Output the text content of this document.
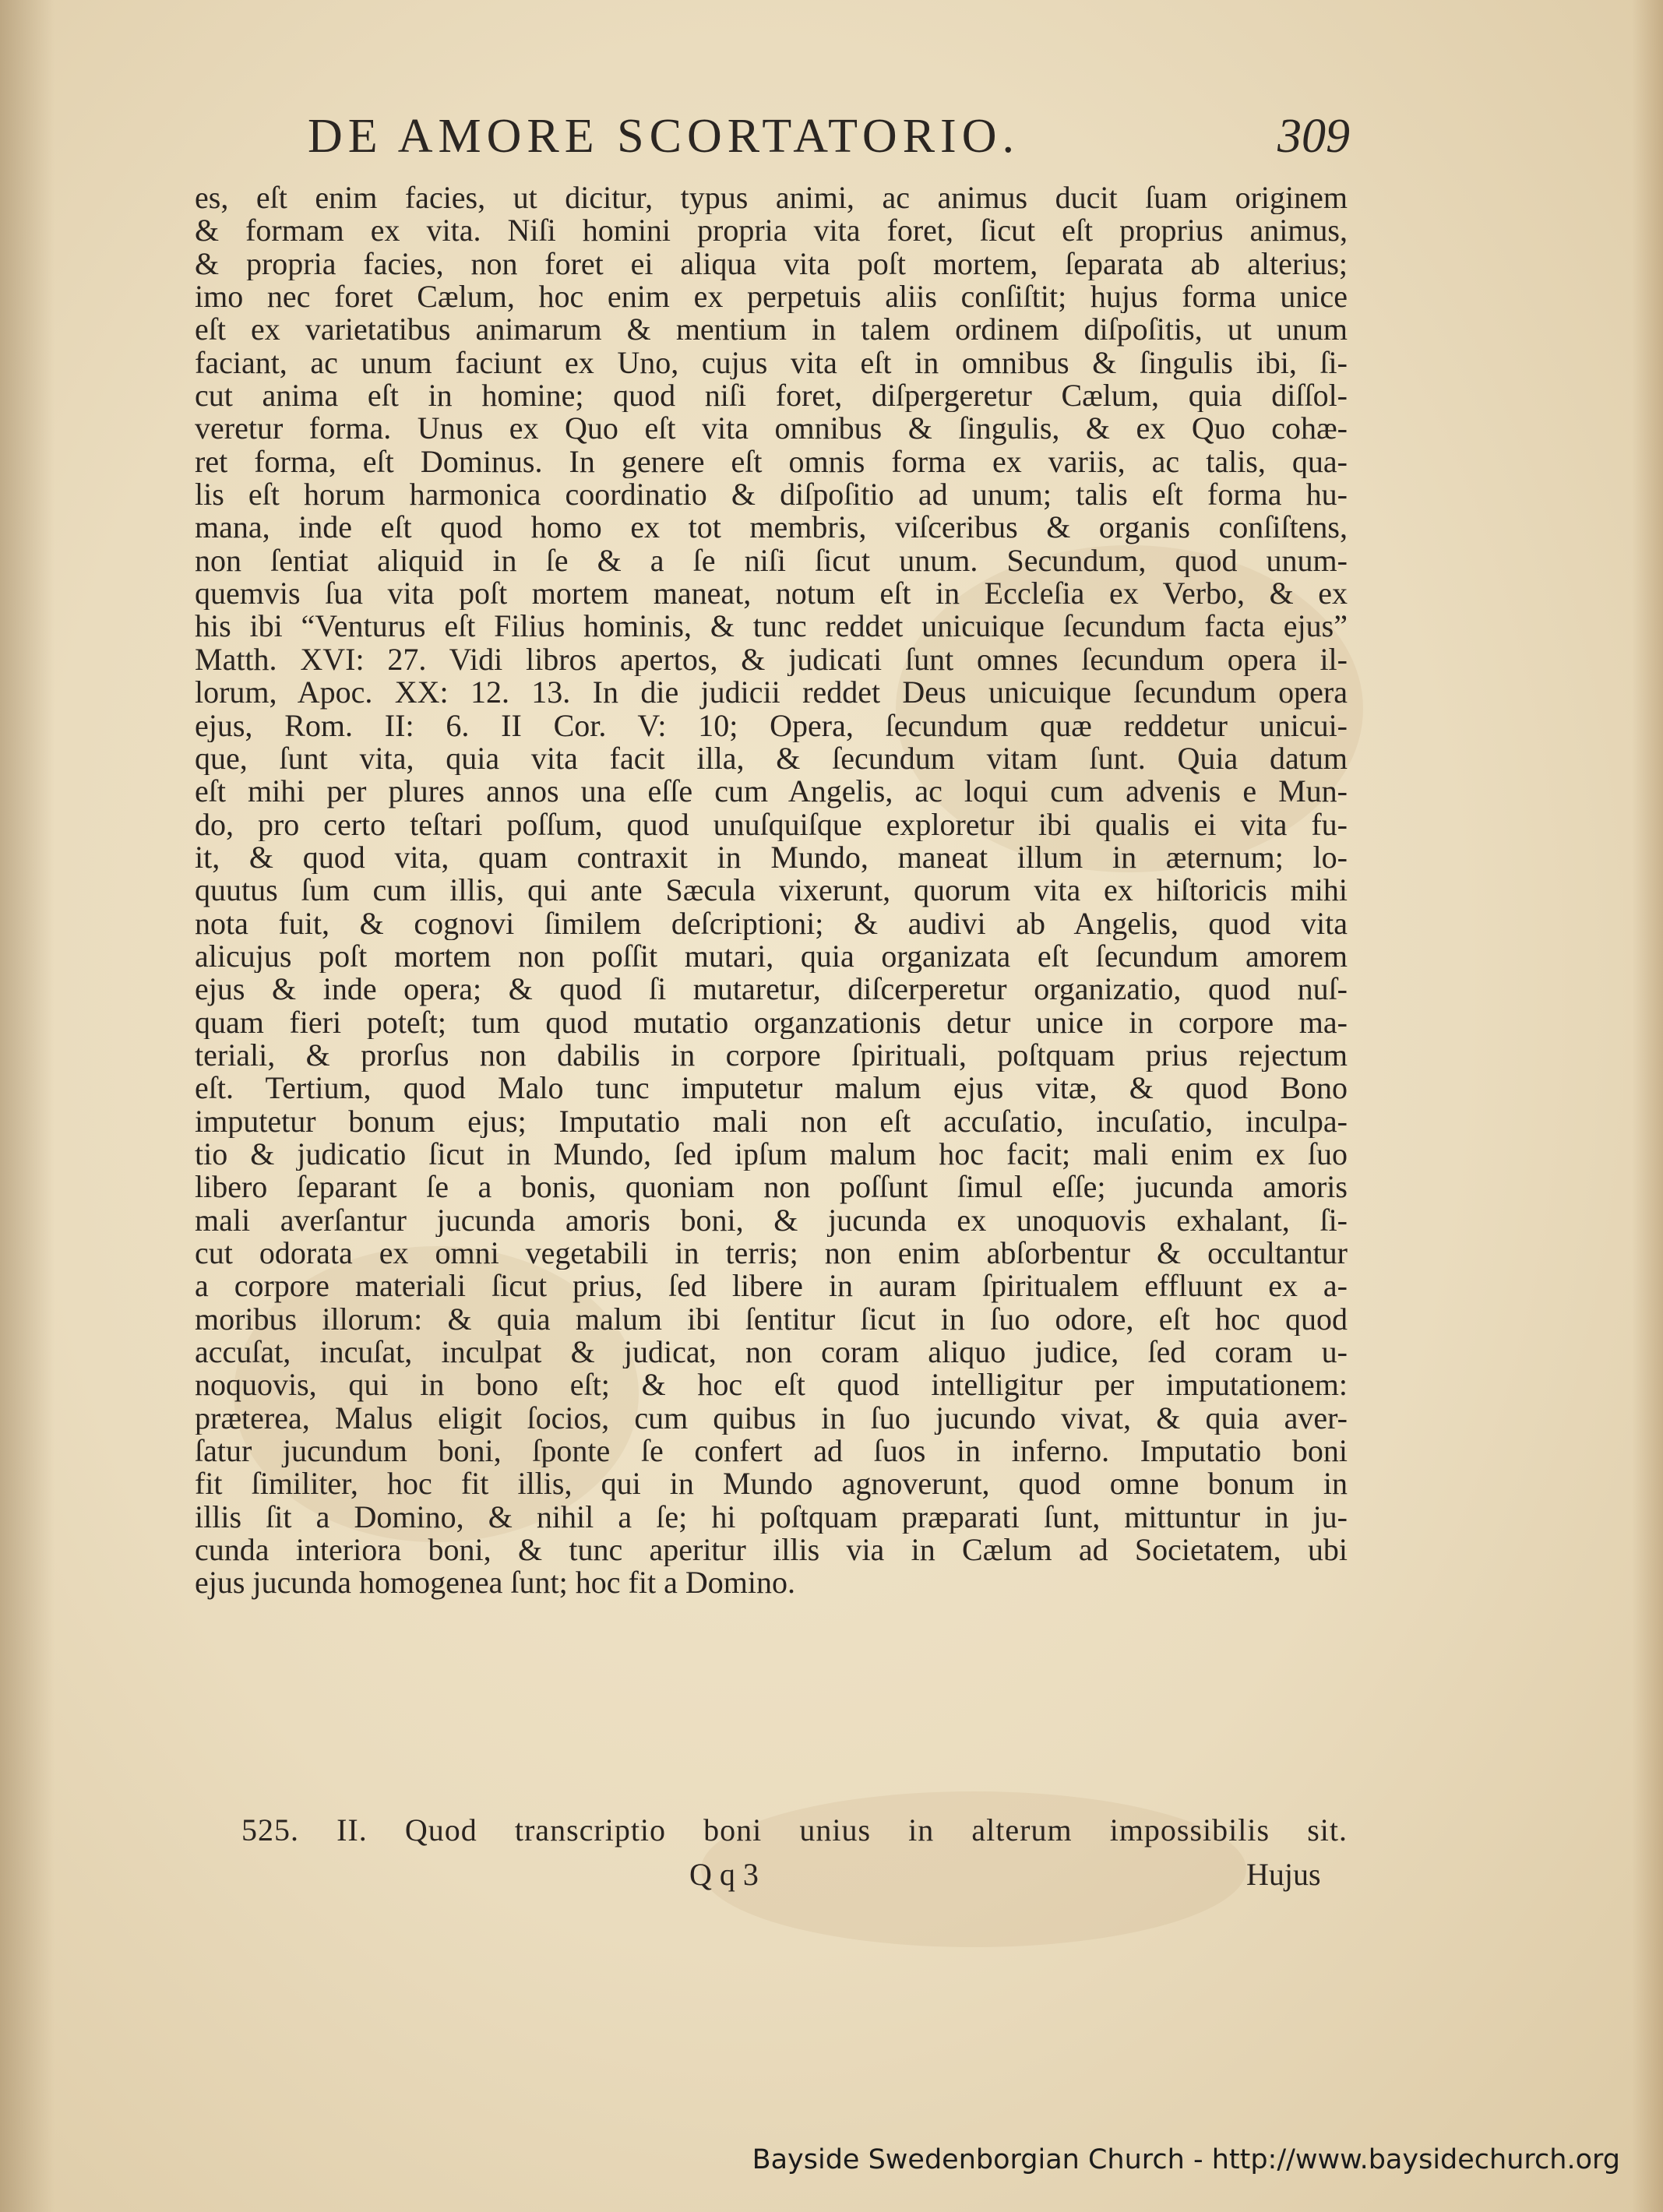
DE AMORE SCORTATORIO.	309
es, eſt enim facies, ut dicitur, typus animi, ac animus ducit ſuam originem
& formam ex vita. Niſi homini propria vita foret, ſicut eſt proprius animus,
& propria facies, non foret ei aliqua vita poſt mortem, ſeparata ab alterius;
imo nec foret Cælum, hoc enim ex perpetuis aliis conſiſtit; hujus forma unice
eſt ex varietatibus animarum & mentium in talem ordinem diſpoſitis, ut unum
faciant, ac unum faciunt ex Uno, cujus vita eſt in omnibus & ſingulis ibi, ſi-
cut anima eſt in homine; quod niſi foret, diſpergeretur Cælum, quia diſſol-
veretur forma. Unus ex Quo eſt vita omnibus & ſingulis, & ex Quo cohæ-
ret forma, eſt Dominus. In genere eſt omnis forma ex variis, ac talis, qua-
lis eſt horum harmonica coordinatio & diſpoſitio ad unum; talis eſt forma hu-
mana, inde eſt quod homo ex tot membris, viſceribus & organis conſiſtens,
non ſentiat aliquid in ſe & a ſe niſi ſicut unum. Secundum, quod unum-
quemvis ſua vita poſt mortem maneat, notum eſt in Eccleſia ex Verbo, & ex
his ibi “Venturus eſt Filius hominis, & tunc reddet unicuique ſecundum facta ejus”
Matth. XVI: 27. Vidi libros apertos, & judicati ſunt omnes ſecundum opera il-
lorum, Apoc. XX: 12. 13. In die judicii reddet Deus unicuique ſecundum opera
ejus, Rom. II: 6. II Cor. V: 10; Opera, ſecundum quæ reddetur unicui-
que, ſunt vita, quia vita facit illa, & ſecundum vitam ſunt. Quia datum
eſt mihi per plures annos una eſſe cum Angelis, ac loqui cum advenis e Mun-
do, pro certo teſtari poſſum, quod unuſquiſque exploretur ibi qualis ei vita fu-
it, & quod vita, quam contraxit in Mundo, maneat illum in æternum; lo-
quutus ſum cum illis, qui ante Sæcula vixerunt, quorum vita ex hiſtoricis mihi
nota fuit, & cognovi ſimilem deſcriptioni; & audivi ab Angelis, quod vita
alicujus poſt mortem non poſſit mutari, quia organizata eſt ſecundum amorem
ejus & inde opera; & quod ſi mutaretur, diſcerperetur organizatio, quod nuſ-
quam fieri poteſt; tum quod mutatio organzationis detur unice in corpore ma-
teriali, & prorſus non dabilis in corpore ſpirituali, poſtquam prius rejectum
eſt. Tertium, quod Malo tunc imputetur malum ejus vitæ, & quod Bono
imputetur bonum ejus; Imputatio mali non eſt accuſatio, incuſatio, inculpa-
tio & judicatio ſicut in Mundo, ſed ipſum malum hoc facit; mali enim ex ſuo
libero ſeparant ſe a bonis, quoniam non poſſunt ſimul eſſe; jucunda amoris
mali averſantur jucunda amoris boni, & jucunda ex unoquovis exhalant, ſi-
cut odorata ex omni vegetabili in terris; non enim abſorbentur & occultantur
a corpore materiali ſicut prius, ſed libere in auram ſpiritualem effluunt ex a-
moribus illorum: & quia malum ibi ſentitur ſicut in ſuo odore, eſt hoc quod
accuſat, incuſat, inculpat & judicat, non coram aliquo judice, ſed coram u-
noquovis, qui in bono eſt; & hoc eſt quod intelligitur per imputationem:
præterea, Malus eligit ſocios, cum quibus in ſuo jucundo vivat, & quia aver-
ſatur jucundum boni, ſponte ſe confert ad ſuos in inferno. Imputatio boni
fit ſimiliter, hoc fit illis, qui in Mundo agnoverunt, quod omne bonum in
illis ſit a Domino, & nihil a ſe; hi poſtquam præparati ſunt, mittuntur in ju-
cunda interiora boni, & tunc aperitur illis via in Cælum ad Societatem, ubi
ejus jucunda homogenea ſunt; hoc fit a Domino.
525. II. Quod transcriptio boni unius in alterum impossibilis sit.
Q q 3	Hujus
Bayside Swedenborgian Church - http://www.baysidechurch.org
